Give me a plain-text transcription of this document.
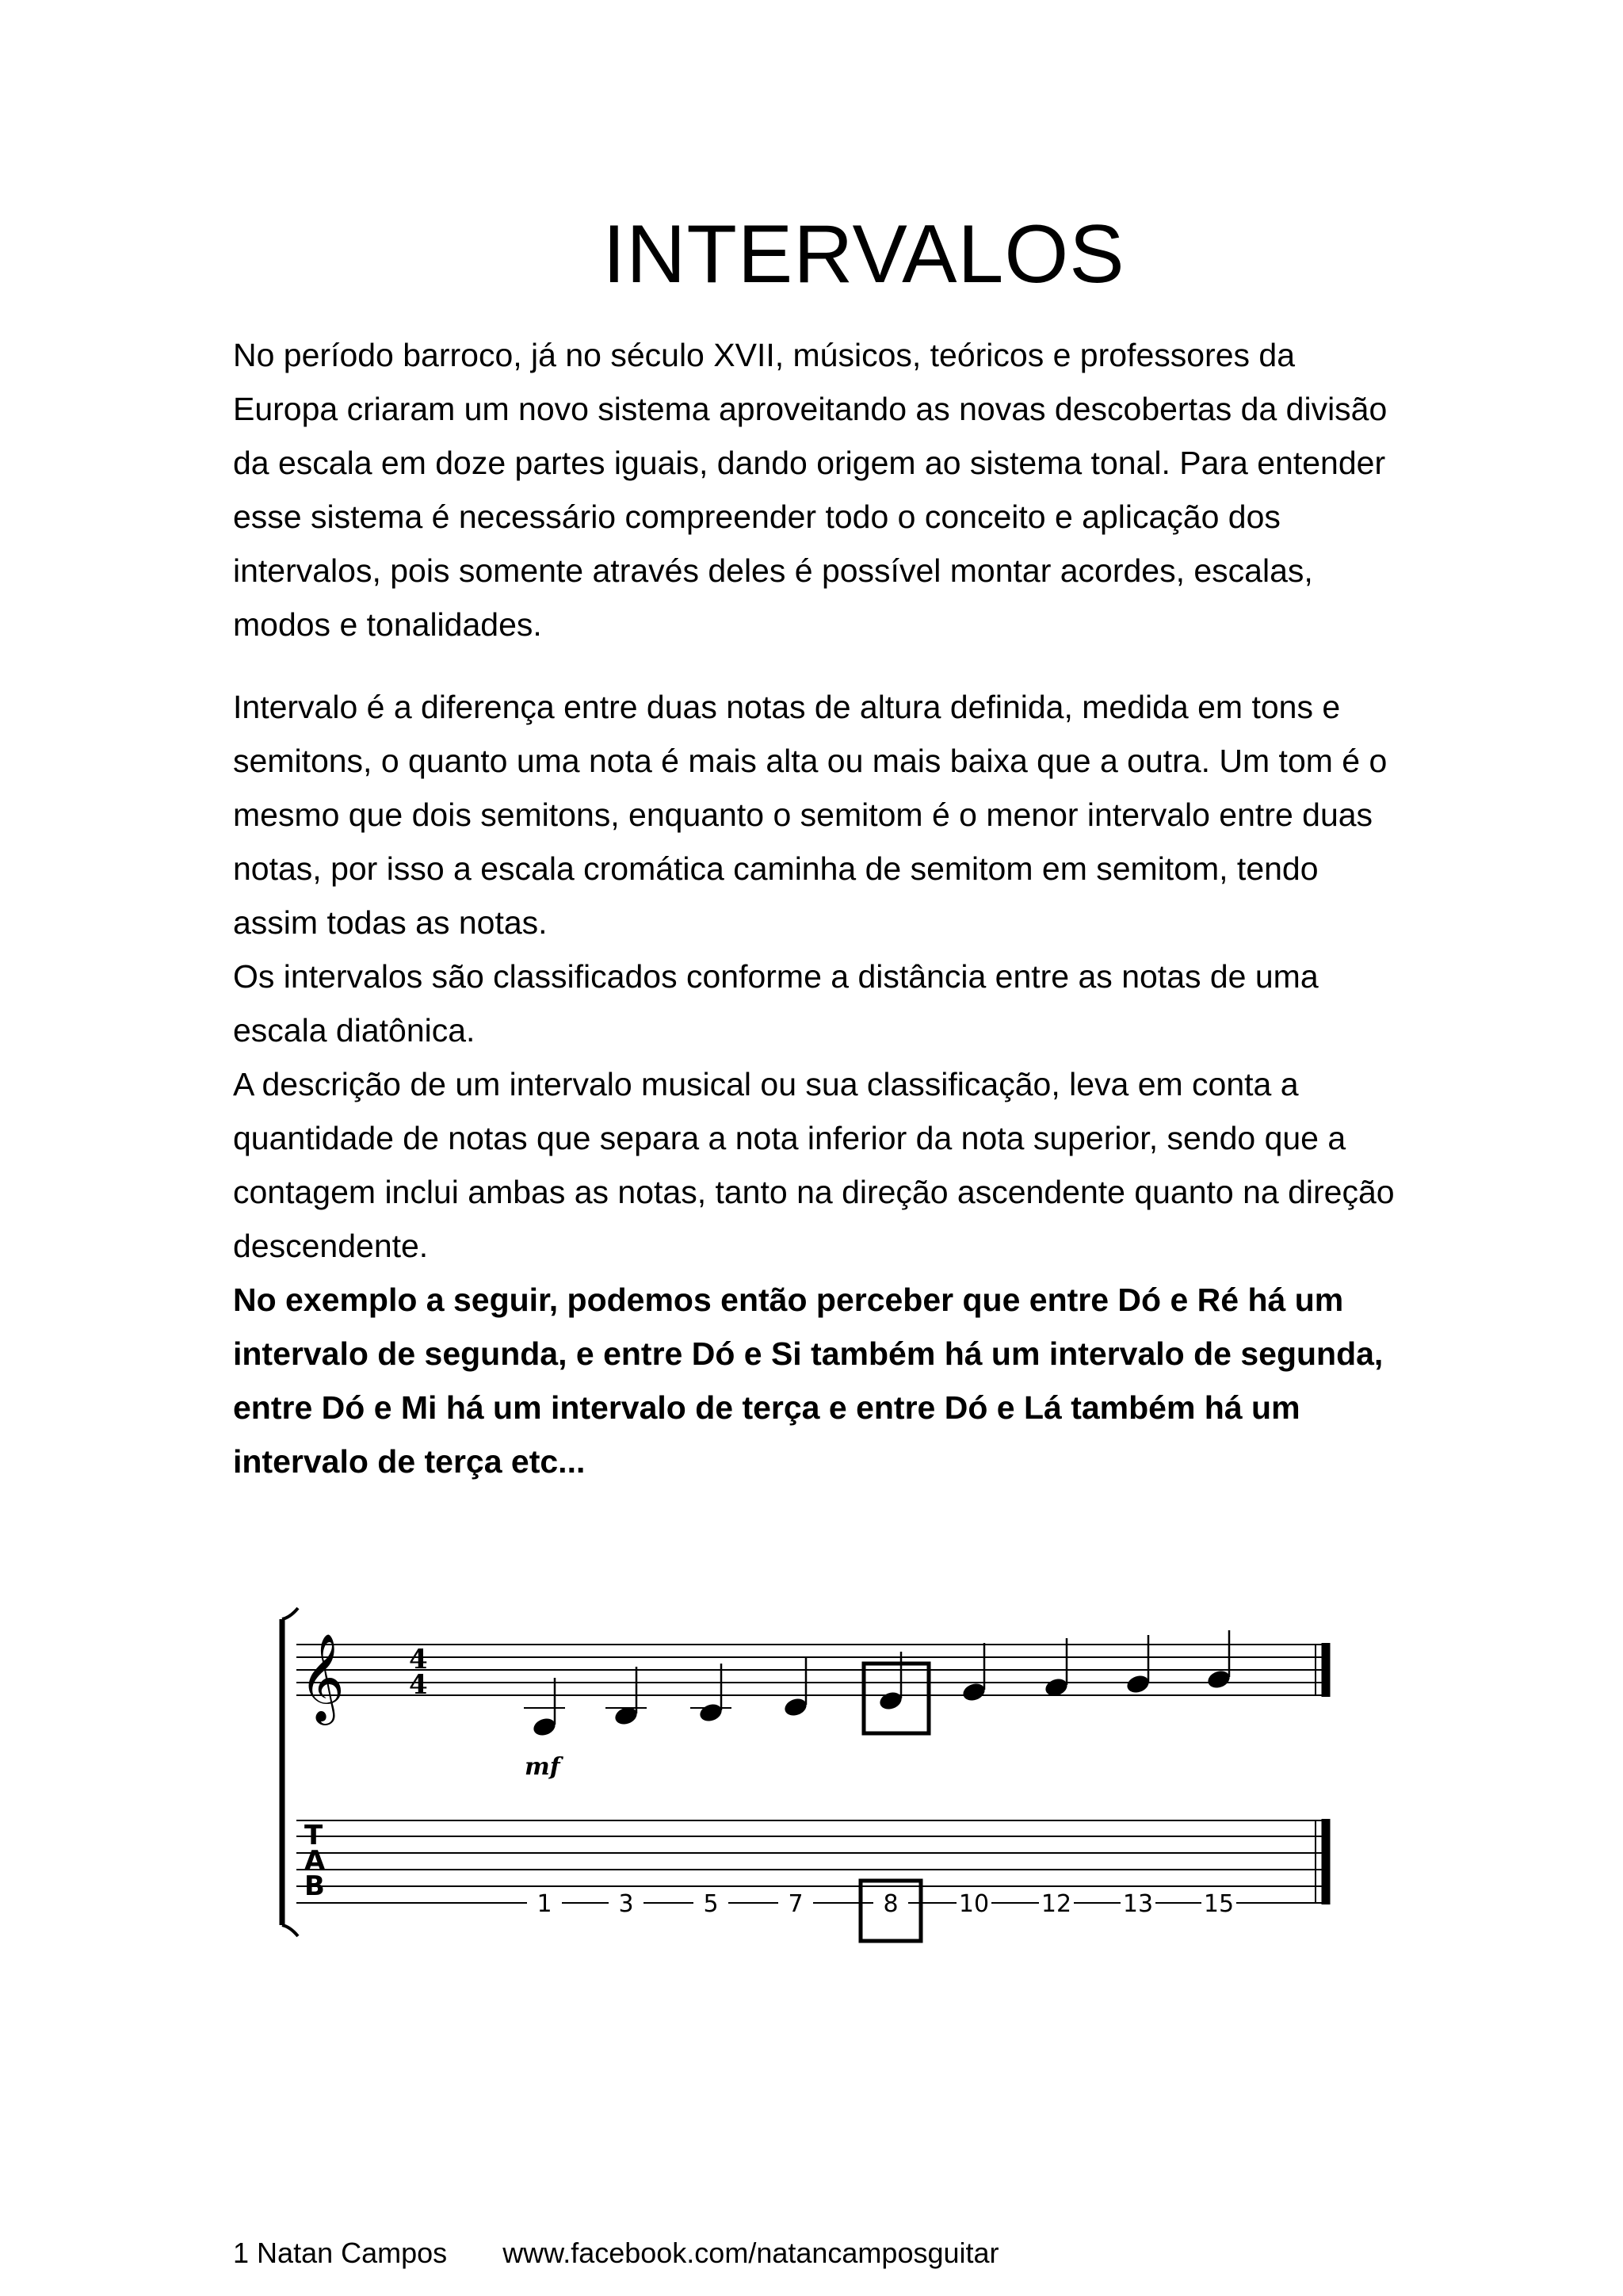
INTERVALOS

No período barroco, já no século XVII, músicos, teóricos e professores da Europa criaram um novo sistema aproveitando as novas descobertas da divisão da escala em doze partes iguais, dando origem ao sistema tonal. Para entender esse sistema é necessário compreender todo o conceito e aplicação dos intervalos, pois somente através deles é possível montar acordes, escalas, modos e tonalidades.

Intervalo é a diferença entre duas notas de altura definida, medida em tons e semitons, o quanto uma nota é mais alta ou mais baixa que a outra. Um tom é o mesmo que dois semitons, enquanto o semitom é o menor intervalo entre duas notas, por isso a escala cromática caminha de semitom em semitom, tendo assim todas as notas.

Os intervalos são classificados conforme a distância entre as notas de uma escala diatônica.

A descrição de um intervalo musical ou sua classificação, leva em conta a quantidade de notas que separa a nota inferior da nota superior, sendo que a contagem inclui ambas as notas, tanto na direção ascendente quanto na direção descendente.

No exemplo a seguir, podemos então perceber que entre Dó e Ré há um intervalo de segunda, e entre Dó e Si também há um intervalo de segunda, entre Dó e Mi há um intervalo de terça e entre Dó e Lá também há um intervalo de terça etc...

𝄞 4
4
mf
T
A
B
1	3	5	7	8	10 12 13 15
1 Natan Campos www.facebook.com/natancamposguitar
